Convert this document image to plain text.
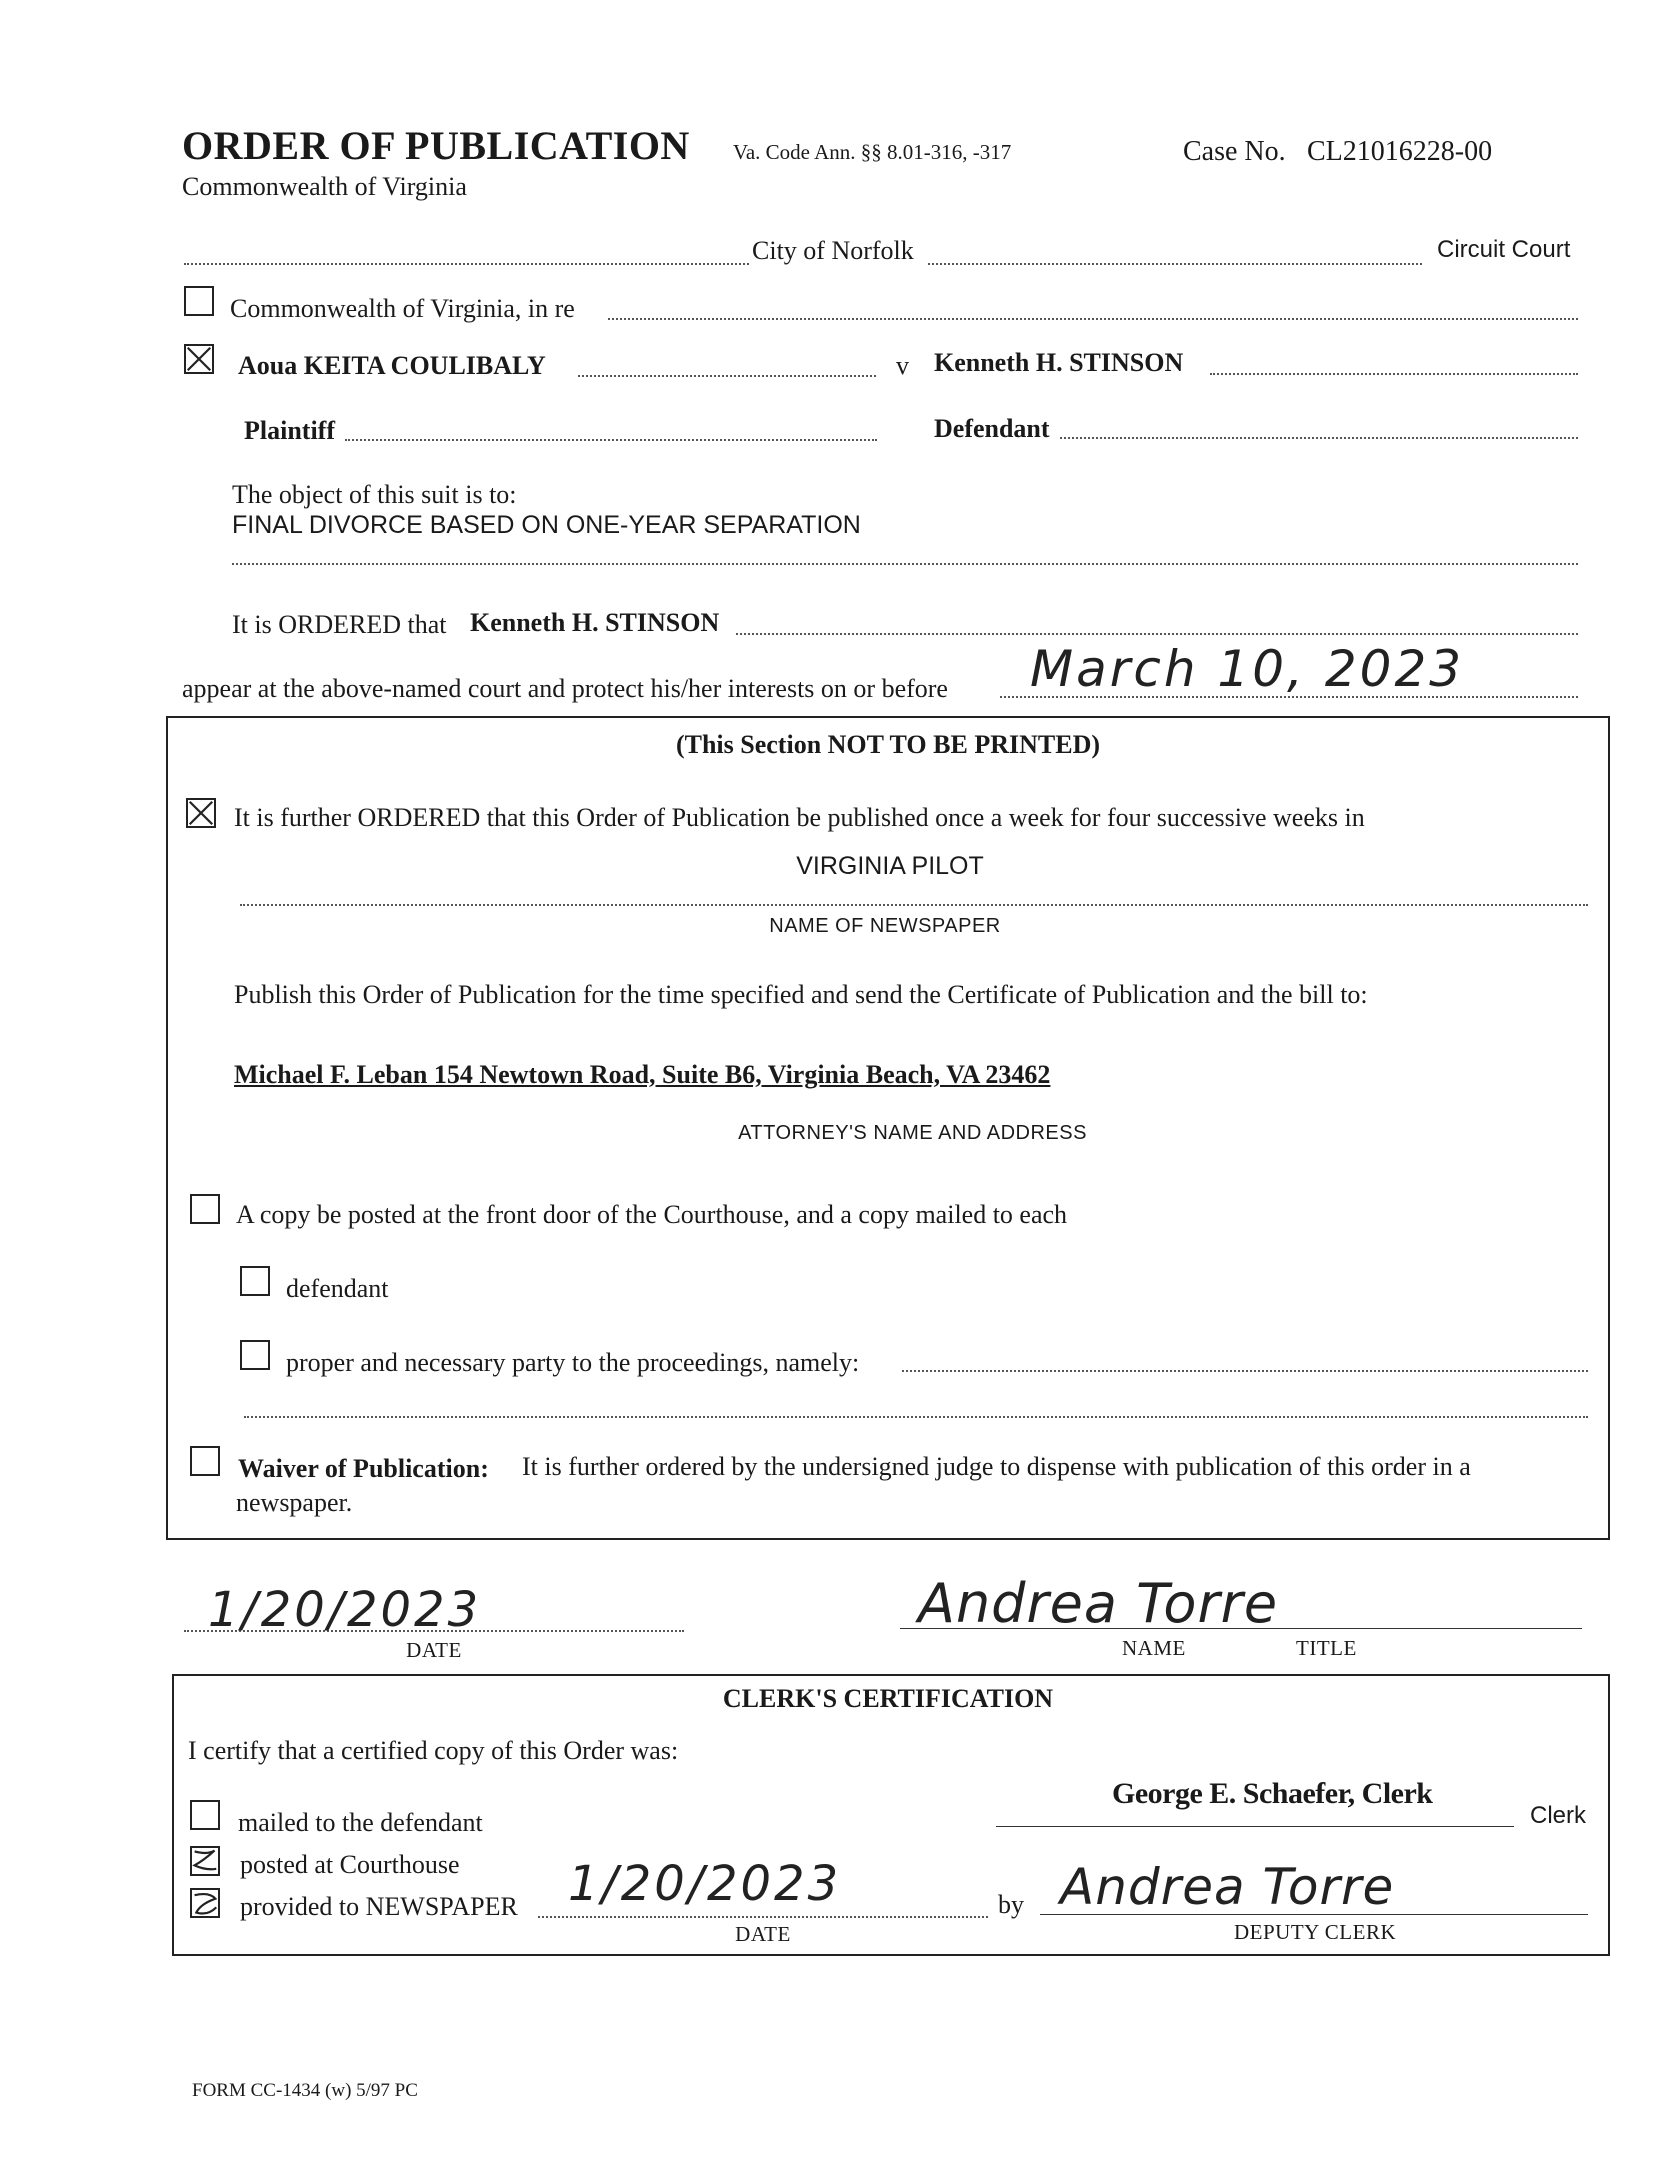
ORDER OF PUBLICATION
Commonwealth of Virginia
Va. Code Ann. §§ 8.01-316, -317	Case No. CL21016228-00
City of Norfolk	Circuit Court
Commonwealth of Virginia, in re
Aoua KEITA COULIBALY	v Kenneth H. STINSON
Plaintiff	Defendant
The object of this suit is to:
FINAL DIVORCE BASED ON ONE-YEAR SEPARATION
It is ORDERED that Kenneth H. STINSON
appear at the above-named court and protect his/her interests on or before March 10, 2023
(This Section NOT TO BE PRINTED)
It is further ORDERED that this Order of Publication be published once a week for four successive weeks in
VIRGINIA PILOT
NAME OF NEWSPAPER
Publish this Order of Publication for the time specified and send the Certificate of Publication and the bill to:
Michael F. Leban 154 Newtown Road, Suite B6, Virginia Beach, VA 23462
ATTORNEY'S NAME AND ADDRESS
A copy be posted at the front door of the Courthouse, and a copy mailed to each
defendant
proper and necessary party to the proceedings, namely:
Waiver of Publication: It is further ordered by the undersigned judge to dispense with publication of this order in a
newspaper.
1/20/2023
DATE
Andrea Torre
NAME	TITLE
CLERK'S CERTIFICATION
I certify that a certified copy of this Order was:
George E. Schaefer, Clerk
Clerk
mailed to the defendant
posted at Courthouse
provided to NEWSPAPER 1/20/2023
DATE
by Andrea Torre
DEPUTY CLERK
FORM CC-1434 (w) 5/97 PC
